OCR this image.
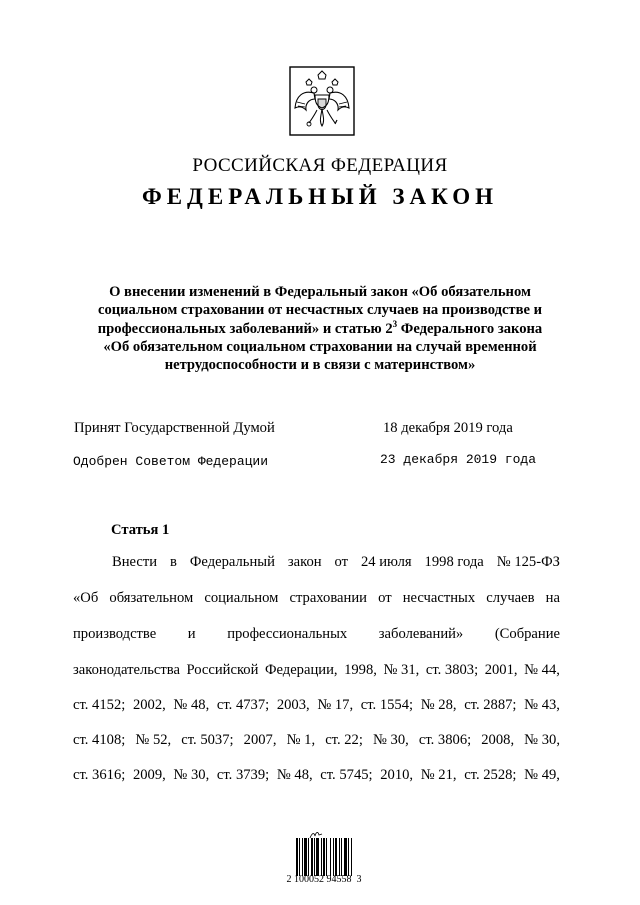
РОССИЙСКАЯ ФЕДЕРАЦИЯ
ФЕДЕРАЛЬНЫЙ ЗАКОН
О внесении изменений в Федеральный закон «Об обязательном
социальном страховании от несчастных случаев на производстве и
профессиональных заболеваний» и статью $2^3$ Федерального закона
«Об обязательном социальном страховании на случай временной
нетрудоспособности и в связи с материнством»
Принят Государственной Думой	18 декабря 2019 года
Одобрен Советом Федерации	23 декабря 2019 года
Статья 1
Внести в Федеральный закон от 24 июля 1998 года № 125-ФЗ
«Об обязательном социальном страховании от несчастных случаев на
производстве и профессиональных заболеваний» (Собрание
законодательства Российской Федерации, 1998, № 31, ст. 3803; 2001, № 44,
ст. 4152; 2002, № 48, ст. 4737; 2003, № 17, ст. 1554; № 28, ст. 2887; № 43,
ст. 4108; № 52, ст. 5037; 2007, № 1, ст. 22; № 30, ст. 3806; 2008, № 30,
ст. 3616; 2009, № 30, ст. 3739; № 48, ст. 5745; 2010, № 21, ст. 2528; № 49,
2 100052 94558  3
